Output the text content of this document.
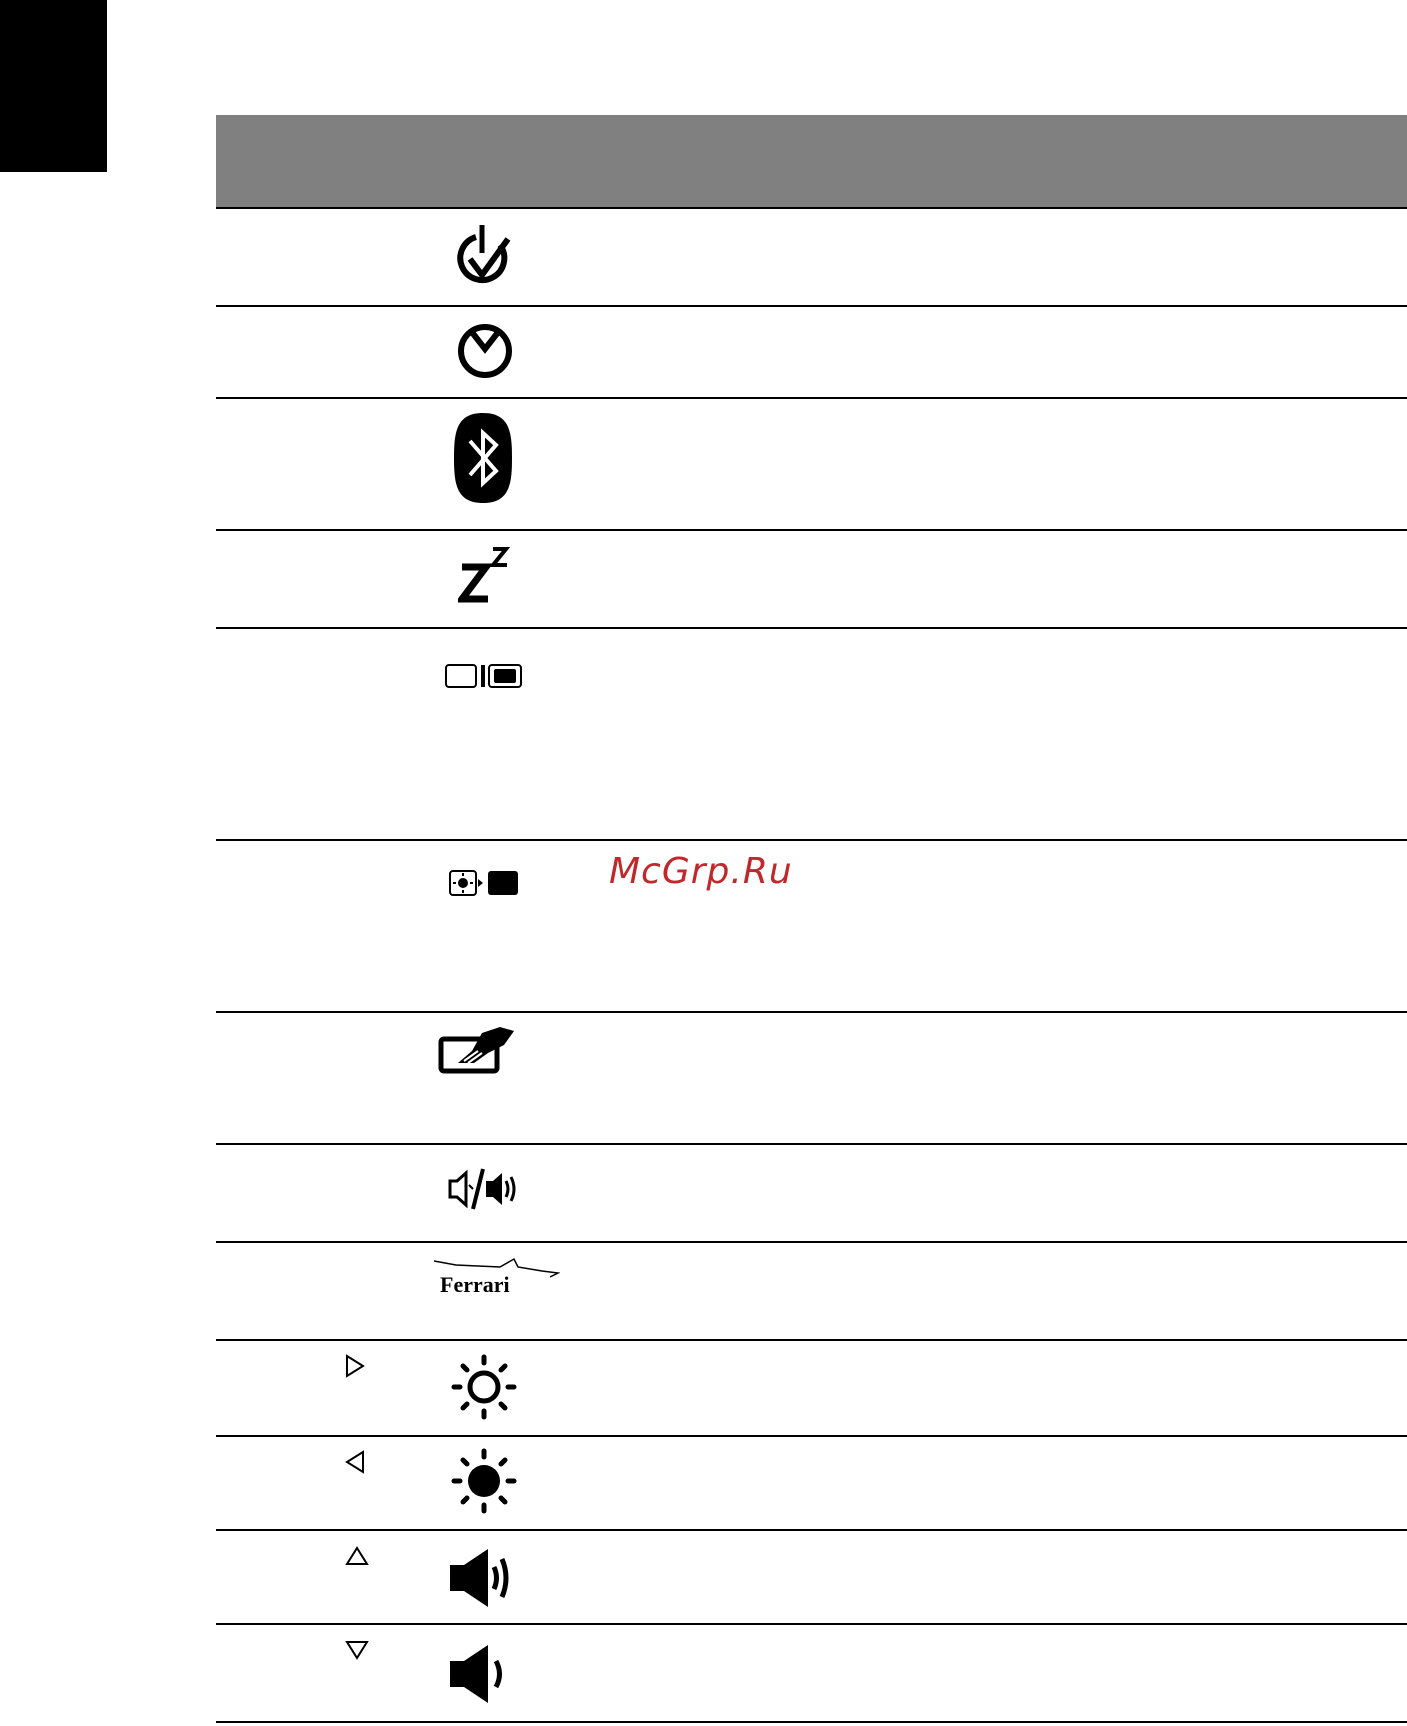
McGrp.Ru
Ferrari
